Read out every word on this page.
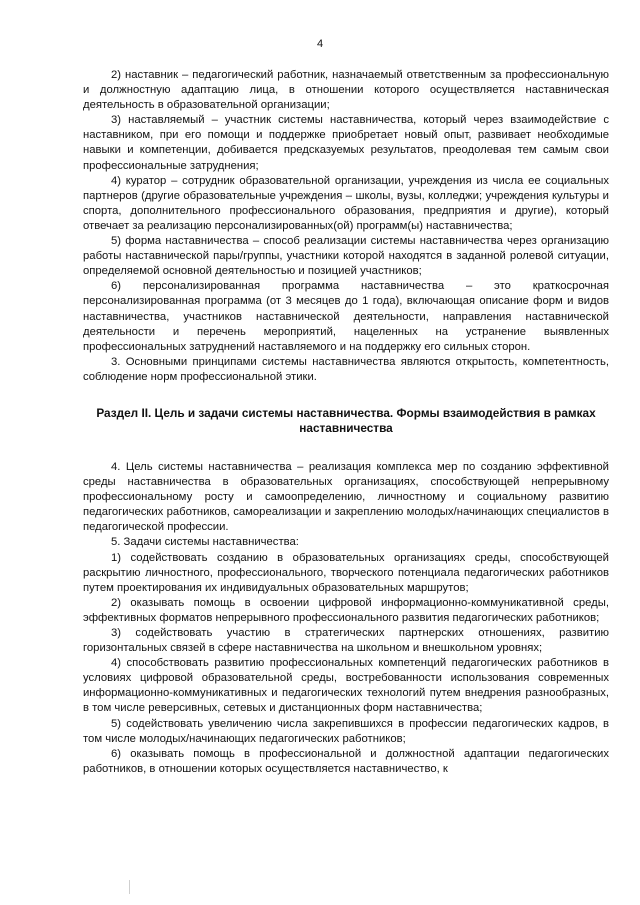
4

2) наставник – педагогический работник, назначаемый ответственным за профессиональную и должностную адаптацию лица, в отношении которого осуществляется наставническая деятельность в образовательной организации;

3) наставляемый – участник системы наставничества, который через взаимодействие с наставником, при его помощи и поддержке приобретает новый опыт, развивает необходимые навыки и компетенции, добивается предсказуемых результатов, преодолевая тем самым свои профессиональные затруднения;

4) куратор – сотрудник образовательной организации, учреждения из числа ее социальных партнеров (другие образовательные учреждения – школы, вузы, колледжи; учреждения культуры и спорта, дополнительного профессионального образования, предприятия и другие), который отвечает за реализацию персонализированных(ой) программ(ы) наставничества;

5) форма наставничества – способ реализации системы наставничества через организацию работы наставнической пары/группы, участники которой находятся в заданной ролевой ситуации, определяемой основной деятельностью и позицией участников;

6) персонализированная программа наставничества – это краткосрочная персонализированная программа (от 3 месяцев до 1 года), включающая описание форм и видов наставничества, участников наставнической деятельности, направления наставнической деятельности и перечень мероприятий, нацеленных на устранение выявленных профессиональных затруднений наставляемого и на поддержку его сильных сторон.

3. Основными принципами системы наставничества являются открытость, компетентность, соблюдение норм профессиональной этики.

Раздел II. Цель и задачи системы наставничества. Формы взаимодействия в рамках наставничества

4. Цель системы наставничества – реализация комплекса мер по созданию эффективной среды наставничества в образовательных организациях, способствующей непрерывному профессиональному росту и самоопределению, личностному и социальному развитию педагогических работников, самореализации и закреплению молодых/начинающих специалистов в педагогической профессии.

5. Задачи системы наставничества:

1) содействовать созданию в образовательных организациях среды, способствующей раскрытию личностного, профессионального, творческого потенциала педагогических работников путем проектирования их индивидуальных образовательных маршрутов;

2) оказывать помощь в освоении цифровой информационно-коммуникативной среды, эффективных форматов непрерывного профессионального развития педагогических работников;

3) содействовать участию в стратегических партнерских отношениях, развитию горизонтальных связей в сфере наставничества на школьном и внешкольном уровнях;

4) способствовать развитию профессиональных компетенций педагогических работников в условиях цифровой образовательной среды, востребованности использования современных информационно-коммуникативных и педагогических технологий путем внедрения разнообразных, в том числе реверсивных, сетевых и дистанционных форм наставничества;

5) содействовать увеличению числа закрепившихся в профессии педагогических кадров, в том числе молодых/начинающих педагогических работников;

6) оказывать помощь в профессиональной и должностной адаптации педагогических работников, в отношении которых осуществляется наставничество, к
